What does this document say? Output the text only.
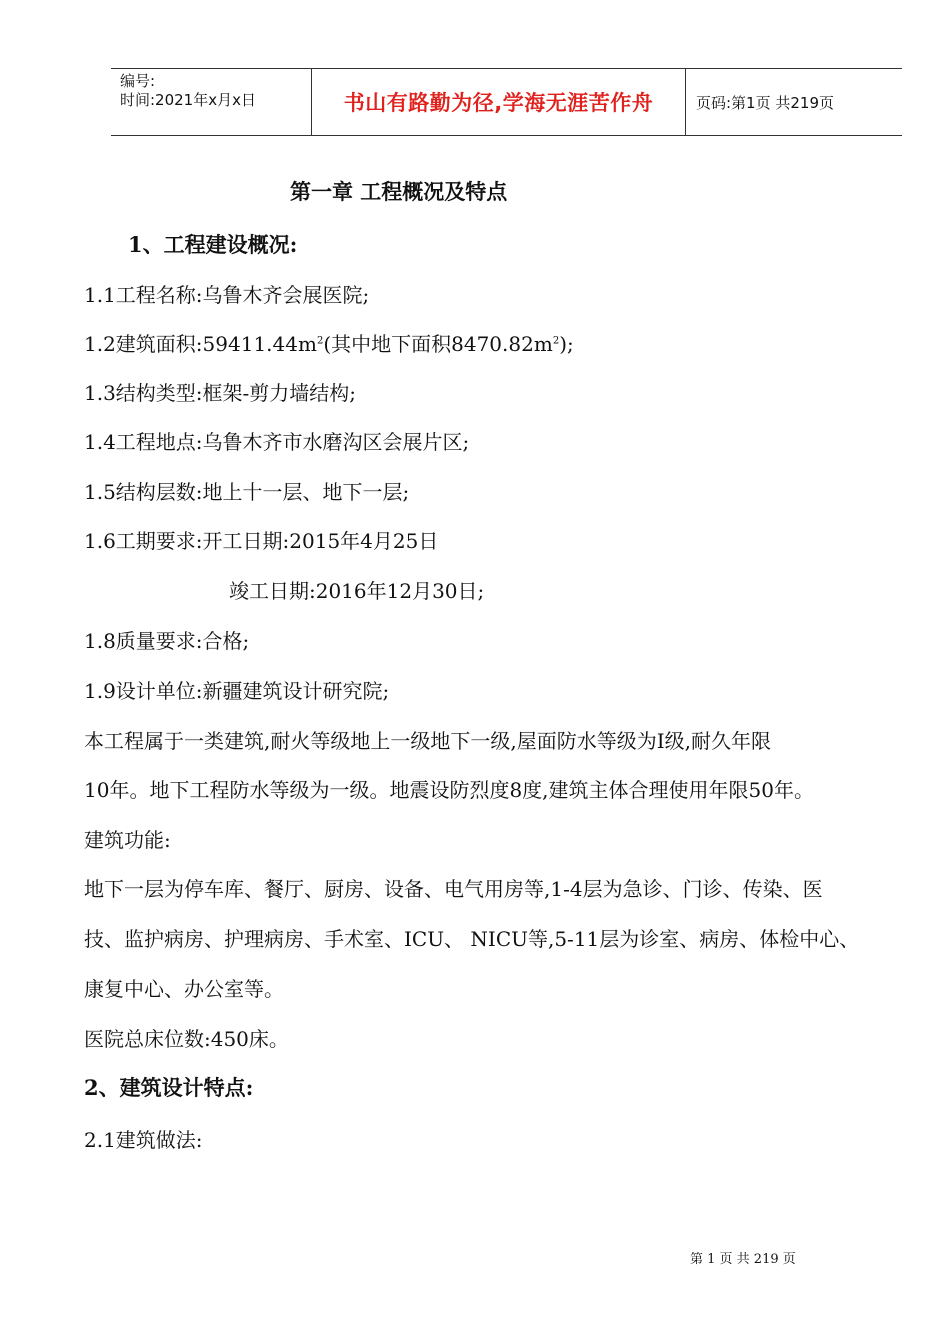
编号:
时间:2021年x月x日	书山有路勤为径,学海无涯苦作舟	页码:第1页 共219页
第一章 工程概况及特点
1、工程建设概况:
1.1工程名称:乌鲁木齐会展医院;
1.2建筑面积$:59411.44m^2$(其中地下面积$8470.82m^2$);
1.3结构类型:框架-剪力墙结构;
1.4工程地点:乌鲁木齐市水磨沟区会展片区;
1.5结构层数:地上十一层、地下一层;
1.6工期要求:开工日期:2015年4月25日
竣工日期:2016年12月30日;
1.8质量要求:合格;
1.9设计单位:新疆建筑设计研究院;
本工程属于一类建筑,耐火等级地上一级地下一级,屋面防水等级为Ⅰ级,耐久年限
10年。地下工程防水等级为一级。地震设防烈度8度,建筑主体合理使用年限50年。
建筑功能:
地下一层为停车库、餐厅、厨房、设备、电气用房等,1-4层为急诊、门诊、传染、医
技、监护病房、护理病房、手术室、ICU、 NICU等,5-11层为诊室、病房、体检中心、
康复中心、办公室等。
医院总床位数:450床。
2、建筑设计特点:
2.1建筑做法:
第 1 页 共 219 页
